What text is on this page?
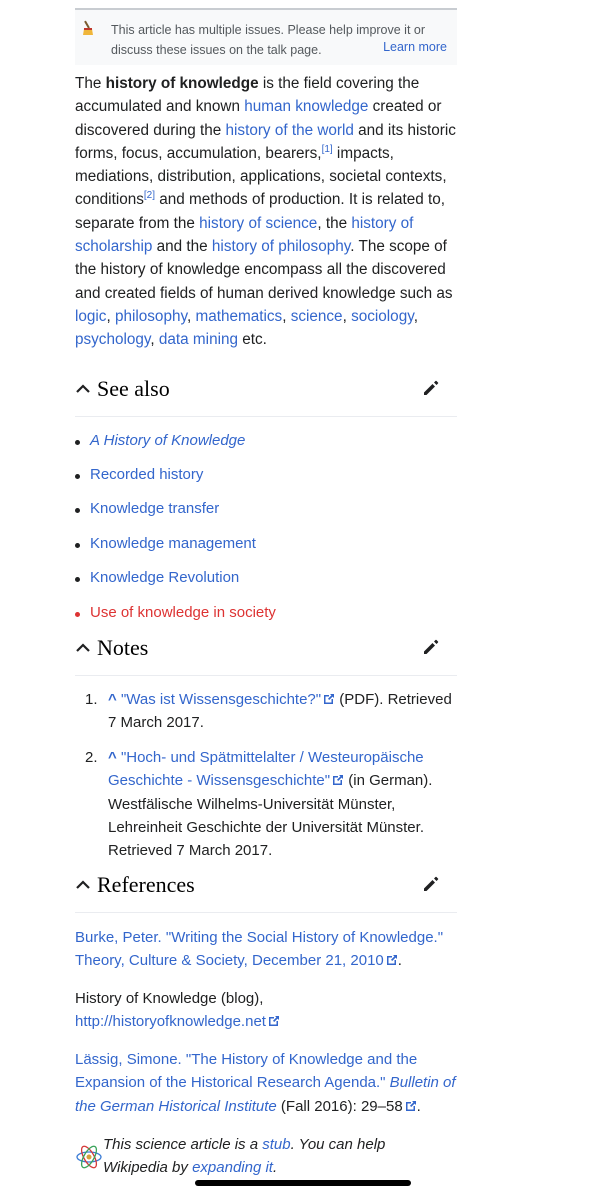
This article has multiple issues. Please help improve it or discuss these issues on the talk page.	Learn more
The history of knowledge is the field covering the accumulated and known human knowledge created or discovered during the history of the world and its historic forms, focus, accumulation, bearers,[1] impacts, mediations, distribution, applications, societal contexts, conditions[2] and methods of production. It is related to, separate from the history of science, the history of scholarship and the history of philosophy. The scope of the history of knowledge encompass all the discovered and created fields of human derived knowledge such as logic, philosophy, mathematics, science, sociology, psychology, data mining etc.
See also
A History of Knowledge
Recorded history
Knowledge transfer
Knowledge management
Knowledge Revolution
Use of knowledge in society
Notes
1. ^ "Was ist Wissensgeschichte?" (PDF). Retrieved 7 March 2017.
2. ^ "Hoch- und Spätmittelalter / Westeuropäische Geschichte - Wissensgeschichte" (in German). Westfälische Wilhelms-Universität Münster, Lehreinheit Geschichte der Universität Münster. Retrieved 7 March 2017.
References
Burke, Peter. "Writing the Social History of Knowledge." Theory, Culture & Society, December 21, 2010 .
History of Knowledge (blog),
http://historyofknowledge.net
Lässig, Simone. "The History of Knowledge and the Expansion of the Historical Research Agenda." Bulletin of the German Historical Institute (Fall 2016): 29–58 .
This science article is a stub. You can help Wikipedia by expanding it.
